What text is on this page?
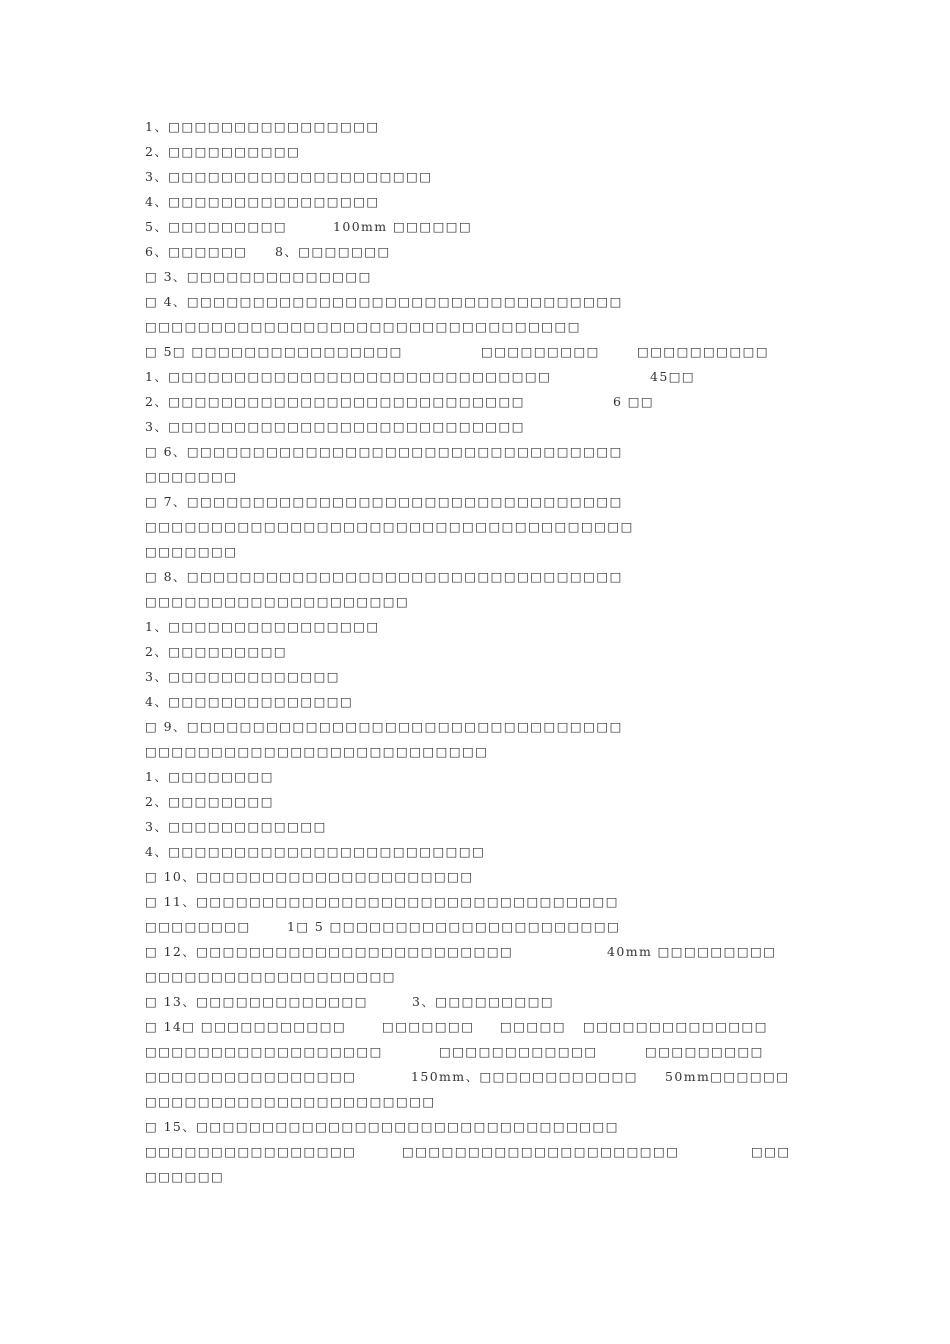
1、□□□□□□□□□□□□□□□□
2、□□□□□□□□□□
3、□□□□□□□□□□□□□□□□□□□□
4、□□□□□□□□□□□□□□□□

5、□□□□□□□□□

	100mm □□□□□□

6、□□□□□□

8、□□□□□□□

□ 3、□□□□□□□□□□□□□□
□ 4、□□□□□□□□□□□□□□□□□□□□□□□□□□□□□□□□□
□□□□□□□□□□□□□□□□□□□□□□□□□□□□□□□□□

□ 5□ □□□□□□□□□□□□□□□□

	□□□□□□□□□

	□□□□□□□□□□

1、□□□□□□□□□□□□□□□□□□□□□□□□□□□□□

	45□□

2、□□□□□□□□□□□□□□□□□□□□□□□□□□□

	6 □□

3、□□□□□□□□□□□□□□□□□□□□□□□□□□□
□ 6、□□□□□□□□□□□□□□□□□□□□□□□□□□□□□□□□□
□□□□□□□
□ 7、□□□□□□□□□□□□□□□□□□□□□□□□□□□□□□□□□
□□□□□□□□□□□□□□□□□□□□□□□□□□□□□□□□□□□□□
□□□□□□□
□ 8、□□□□□□□□□□□□□□□□□□□□□□□□□□□□□□□□□
□□□□□□□□□□□□□□□□□□□□
1、□□□□□□□□□□□□□□□□
2、□□□□□□□□□
3、□□□□□□□□□□□□□
4、□□□□□□□□□□□□□□
□ 9、□□□□□□□□□□□□□□□□□□□□□□□□□□□□□□□□□
□□□□□□□□□□□□□□□□□□□□□□□□□□
1、□□□□□□□□
2、□□□□□□□□
3、□□□□□□□□□□□□
4、□□□□□□□□□□□□□□□□□□□□□□□□
□ 10、□□□□□□□□□□□□□□□□□□□□□
□ 11、□□□□□□□□□□□□□□□□□□□□□□□□□□□□□□□□

□□□□□□□□

	1□ 5 □□□□□□□□□□□□□□□□□□□□□□

□ 12、□□□□□□□□□□□□□□□□□□□□□□□□

	40mm □□□□□□□□□

□□□□□□□□□□□□□□□□□□□

□ 13、□□□□□□□□□□□□□

	3、□□□□□□□□□

□ 14□ □□□□□□□□□□□

	□□□□□□□

□□□□□

□□□□□□□□□□□□□□

□□□□□□□□□□□□□□□□□□

	□□□□□□□□□□□□

	□□□□□□□□□

□□□□□□□□□□□□□□□□

	150mm、□□□□□□□□□□□□

50mm□□□□□□

□□□□□□□□□□□□□□□□□□□□□□
□ 15、□□□□□□□□□□□□□□□□□□□□□□□□□□□□□□□□

□□□□□□□□□□□□□□□□

	□□□□□□□□□□□□□□□□□□□□□

	□□□

□□□□□□
